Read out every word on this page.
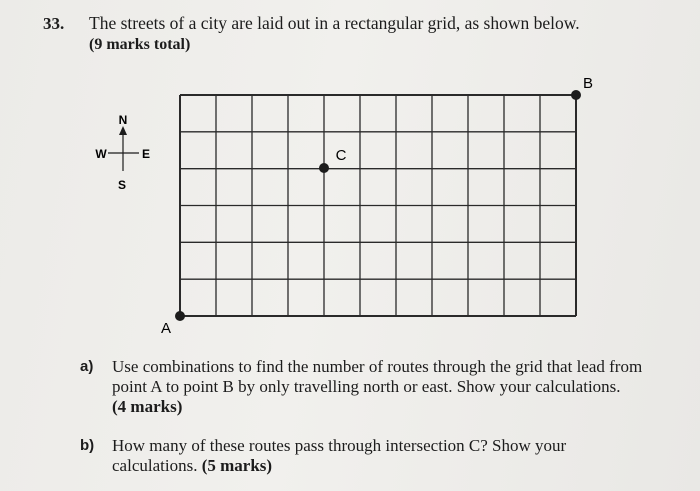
33. The streets of a city are laid out in a rectangular grid, as shown below.
(9 marks total)
N
S
W	E
A
B
C
a) Use combinations to find the number of routes through the grid that lead from
point A to point B by only travelling north or east. Show your calculations.
(4 marks)
b) How many of these routes pass through intersection C? Show your
calculations. (5 marks)
